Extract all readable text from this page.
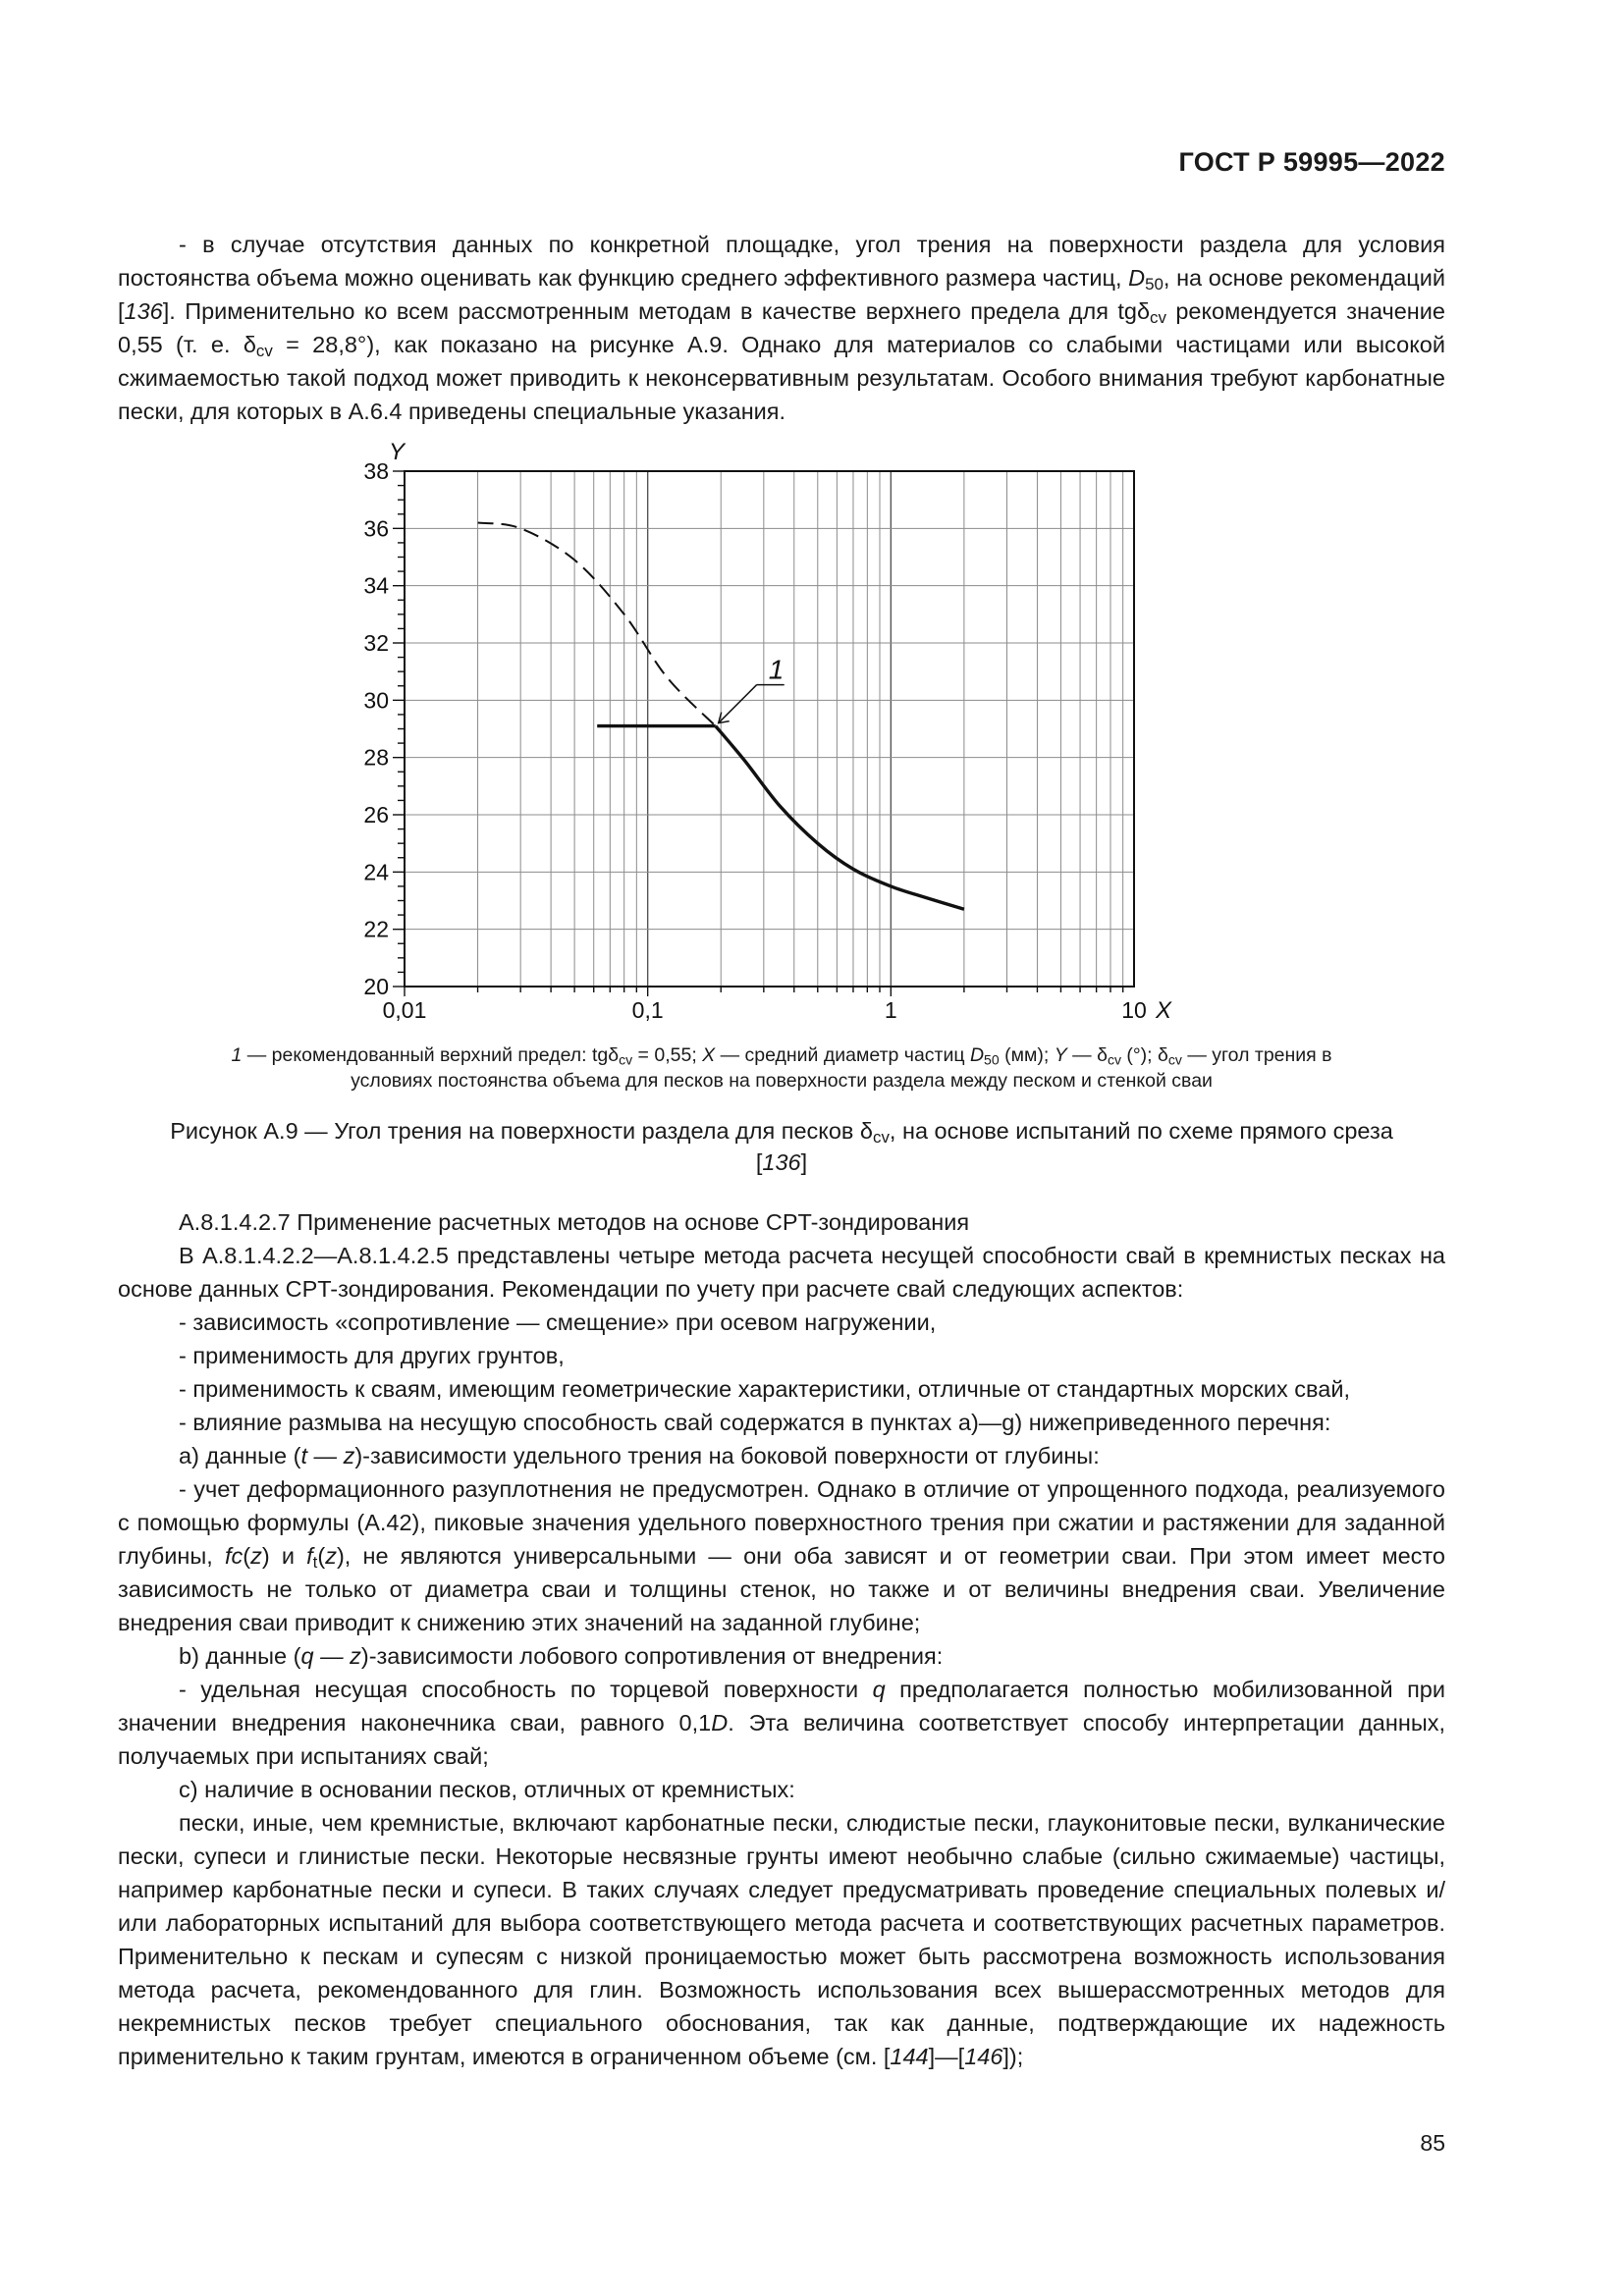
ГОСТ Р 59995—2022

- в случае отсутствия данных по конкретной площадке, угол трения на поверхности раздела для условия постоянства объема можно оценивать как функцию среднего эффективного размера частиц, $D_{50}$, на основе рекомендаций [136]. Применительно ко всем рассмотренным методам в качестве верхнего предела для tgδ$_{cv}$ рекомендуется значение 0,55 (т. е. $\delta_{cv} = 28,8^\circ$), как показано на рисунке А.9. Однако для материалов со слабыми частицами или высокой сжимаемостью такой подход может приводить к неконсервативным результатам. Особого внимания требуют карбонатные пески, для которых в А.6.4 приведены специальные указания.

20
22
24
26
28
30
32
34
36
38
0,01	0,1	1	10
Y
X
1
1 — рекомендованный верхний предел: tgδ$_{cv}$ = 0,55; X — средний диаметр частиц $D_{50}$ (мм); Y — $\delta_{cv}$ (°); $\delta_{cv}$ — угол трения в
условиях постоянства объема для песков на поверхности раздела между песком и стенкой сваи
Рисунок А.9 — Угол трения на поверхности раздела для песков $\delta_{cv}$, на основе испытаний по схеме прямого среза
[136]

А.8.1.4.2.7 Применение расчетных методов на основе CPT-зондирования

В А.8.1.4.2.2—А.8.1.4.2.5 представлены четыре метода расчета несущей способности свай в кремнистых песках на основе данных CPT-зондирования. Рекомендации по учету при расчете свай следующих аспектов:

- зависимость «сопротивление — смещение» при осевом нагружении,

- применимость для других грунтов,

- применимость к сваям, имеющим геометрические характеристики, отличные от стандартных морских свай,

- влияние размыва на несущую способность свай содержатся в пунктах a)—g) нижеприведенного перечня:

a) данные (t — z)-зависимости удельного трения на боковой поверхности от глубины:

- учет деформационного разуплотнения не предусмотрен. Однако в отличие от упрощенного подхода, реализуемого с помощью формулы (А.42), пиковые значения удельного поверхностного трения при сжатии и растяжении для заданной глубины, fc(z) и $f_t(z)$, не являются универсальными — они оба зависят и от геометрии сваи. При этом имеет место зависимость не только от диаметра сваи и толщины стенок, но также и от величины внедрения сваи. Увеличение внедрения сваи приводит к снижению этих значений на заданной глубине;

b) данные (q — z)-зависимости лобового сопротивления от внедрения:

- удельная несущая способность по торцевой поверхности q предполагается полностью мобилизованной при значении внедрения наконечника сваи, равного 0,1D. Эта величина соответствует способу интерпретации данных, получаемых при испытаниях свай;

c) наличие в основании песков, отличных от кремнистых:

пески, иные, чем кремнистые, включают карбонатные пески, слюдистые пески, глауконитовые пески, вулканические пески, супеси и глинистые пески. Некоторые несвязные грунты имеют необычно слабые (сильно сжимаемые) частицы, например карбонатные пески и супеси. В таких случаях следует предусматривать проведение специальных полевых и/или лабораторных испытаний для выбора соответствующего метода расчета и соответствующих расчетных параметров. Применительно к пескам и супесям с низкой проницаемостью может быть рассмотрена возможность использования метода расчета, рекомендованного для глин. Возможность использования всех вышерассмотренных методов для некремнистых песков требует специального обоснования, так как данные, подтверждающие их надежность применительно к таким грунтам, имеются в ограниченном объеме (см. [144]—[146]);

85
